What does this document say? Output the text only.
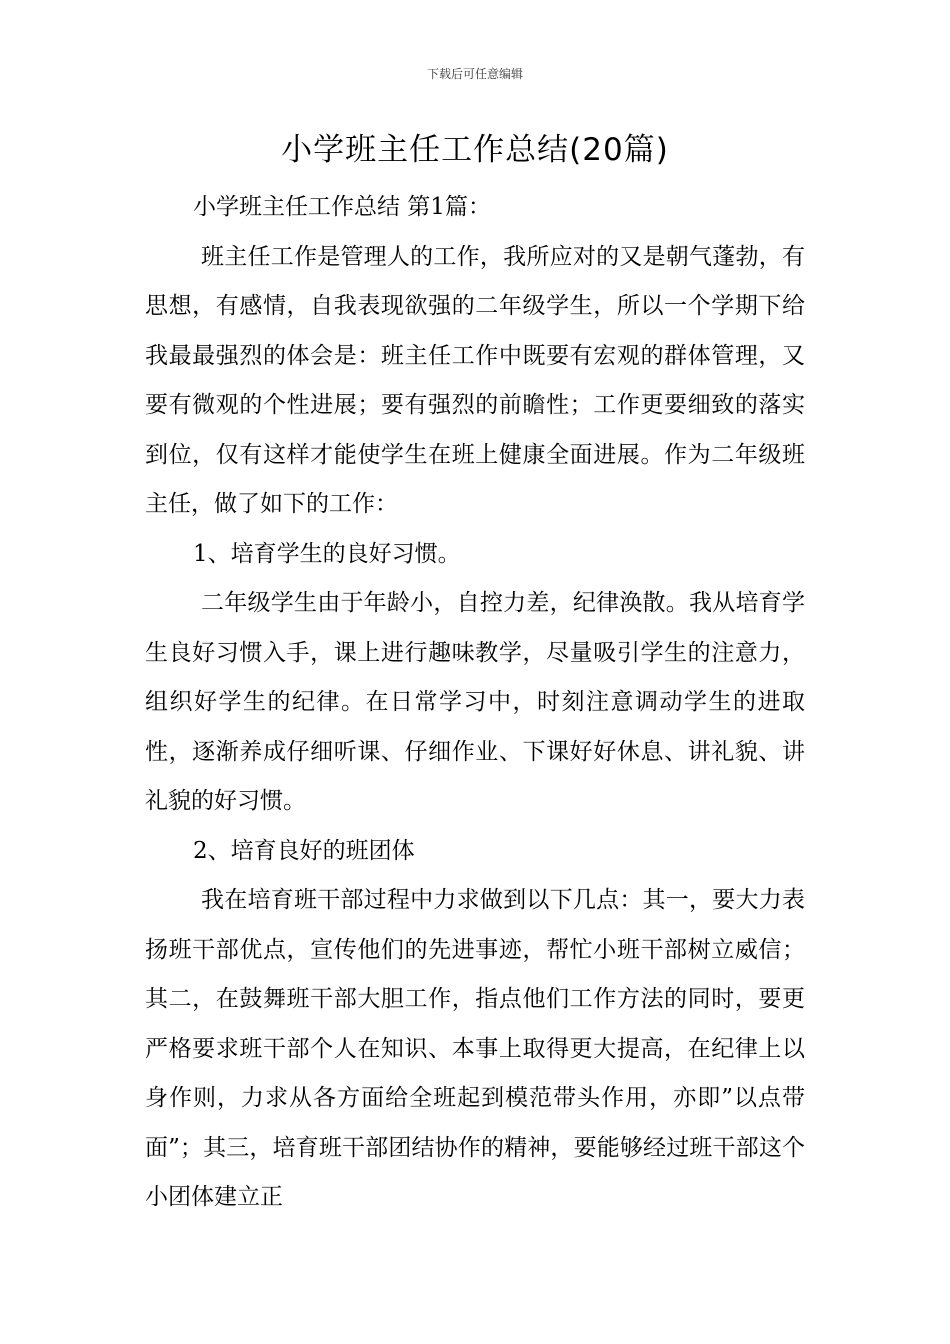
下载后可任意编辑
小学班主任工作总结(20篇)

小学班主任工作总结 第1篇：

班主任工作是管理人的工作，我所应对的又是朝气蓬勃，有思想，有感情，自我表现欲强的二年级学生，所以一个学期下给我最最强烈的体会是：班主任工作中既要有宏观的群体管理，又要有微观的个性进展；要有强烈的前瞻性；工作更要细致的落实到位，仅有这样才能使学生在班上健康全面进展。作为二年级班主任，做了如下的工作：

1、培育学生的良好习惯。

二年级学生由于年龄小，自控力差，纪律涣散。我从培育学生良好习惯入手，课上进行趣味教学，尽量吸引学生的注意力，组织好学生的纪律。在日常学习中，时刻注意调动学生的进取性，逐渐养成仔细听课、仔细作业、下课好好休息、讲礼貌、讲礼貌的好习惯。

2、培育良好的班团体

我在培育班干部过程中力求做到以下几点：其一，要大力表扬班干部优点，宣传他们的先进事迹，帮忙小班干部树立威信；其二，在鼓舞班干部大胆工作，指点他们工作方法的同时，要更严格要求班干部个人在知识、本事上取得更大提高，在纪律上以身作则，力求从各方面给全班起到模范带头作用，亦即”以点带面”；其三，培育班干部团结协作的精神，要能够经过班干部这个小团体建立正
